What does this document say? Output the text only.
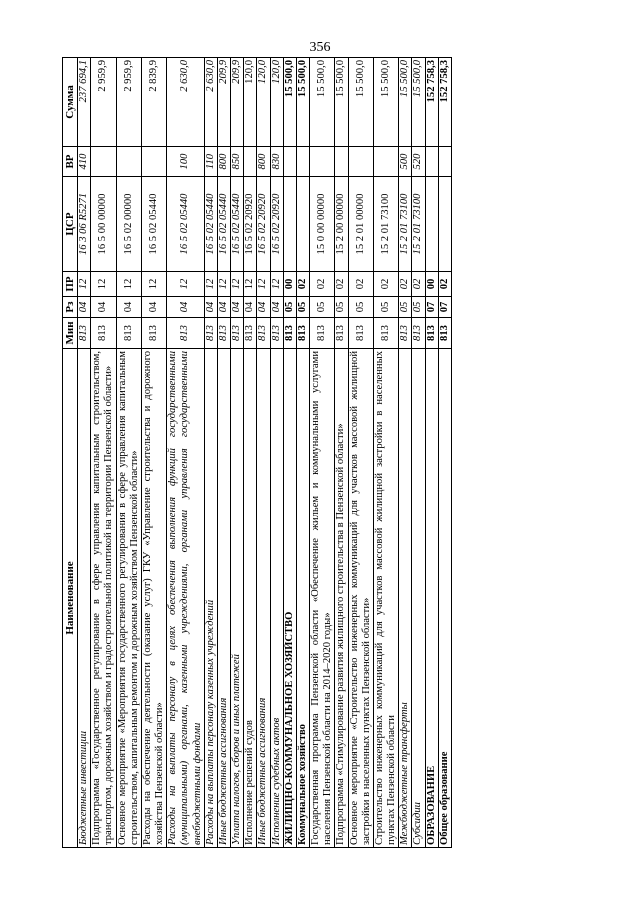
356
Наименование	Мин	Рз	ПР	ЦСР	ВР	Сумма
Бюджетные инвестиции	813	04	12	16 3 06 R5271	410	237 694,1
Подпрограмма «Государственное регулирование в сфере управления капитальным строительством, транспортом, дорожным хозяйством и градостроительной политикой на территории Пензенской области»	813	04	12	16 5 00 00000		2 959,9
Основное мероприятие «Мероприятия государственного регулирования в сфере управления капитальным строительством, капитальным ремонтом и дорожным хозяйством Пензенской области»	813	04	12	16 5 02 00000		2 959,9
Расходы на обеспечение деятельности (оказание услуг) ГКУ «Управление строительства и дорожного хозяйства Пензенской области»	813	04	12	16 5 02 05440		2 839,9
Расходы на выплаты персоналу в целях обеспечения выполнения функций государственными (муниципальными) органами, казенными учреждениями, органами управления государственными внебюджетными фондами	813	04	12	16 5 02 05440	100	2 630,0
Расходы на выплаты персоналу казенных учреждений	813	04	12	16 5 02 05440	110	2 630,0
Иные бюджетные ассигнования	813	04	12	16 5 02 05440	800	209,9
Уплата налогов, сборов и иных платежей	813	04	12	16 5 02 05440	850	209,9
Исполнение решений судов	813	04	12	16 5 02 20920		120,0
Иные бюджетные ассигнования	813	04	12	16 5 02 20920	800	120,0
Исполнение судебных актов	813	04	12	16 5 02 20920	830	120,0
ЖИЛИЩНО-КОММУНАЛЬНОЕ ХОЗЯЙСТВО	813	05	00			15 500,0
Коммунальное хозяйство	813	05	02			15 500,0
Государственная программа Пензенской области «Обеспечение жильем и коммунальными услугами населения Пензенской области на 2014–2020 годы»	813	05	02	15 0 00 00000		15 500,0
Подпрограмма «Стимулирование развития жилищного строительства в Пензенской области»	813	05	02	15 2 00 00000		15 500,0
Основное мероприятие «Строительство инженерных коммуникаций для участков массовой жилищной застройки в населенных пунктах Пензенской области»	813	05	02	15 2 01 00000		15 500,0
Строительство инженерных коммуникаций для участков массовой жилищной застройки в населенных пунктах Пензенской области	813	05	02	15 2 01 73100		15 500,0
Межбюджетные трансферты	813	05	02	15 2 01 73100	500	15 500,0
Субсидии	813	05	02	15 2 01 73100	520	15 500,0
ОБРАЗОВАНИЕ	813	07	00			152 758,3
Общее образование	813	07	02			152 758,3
